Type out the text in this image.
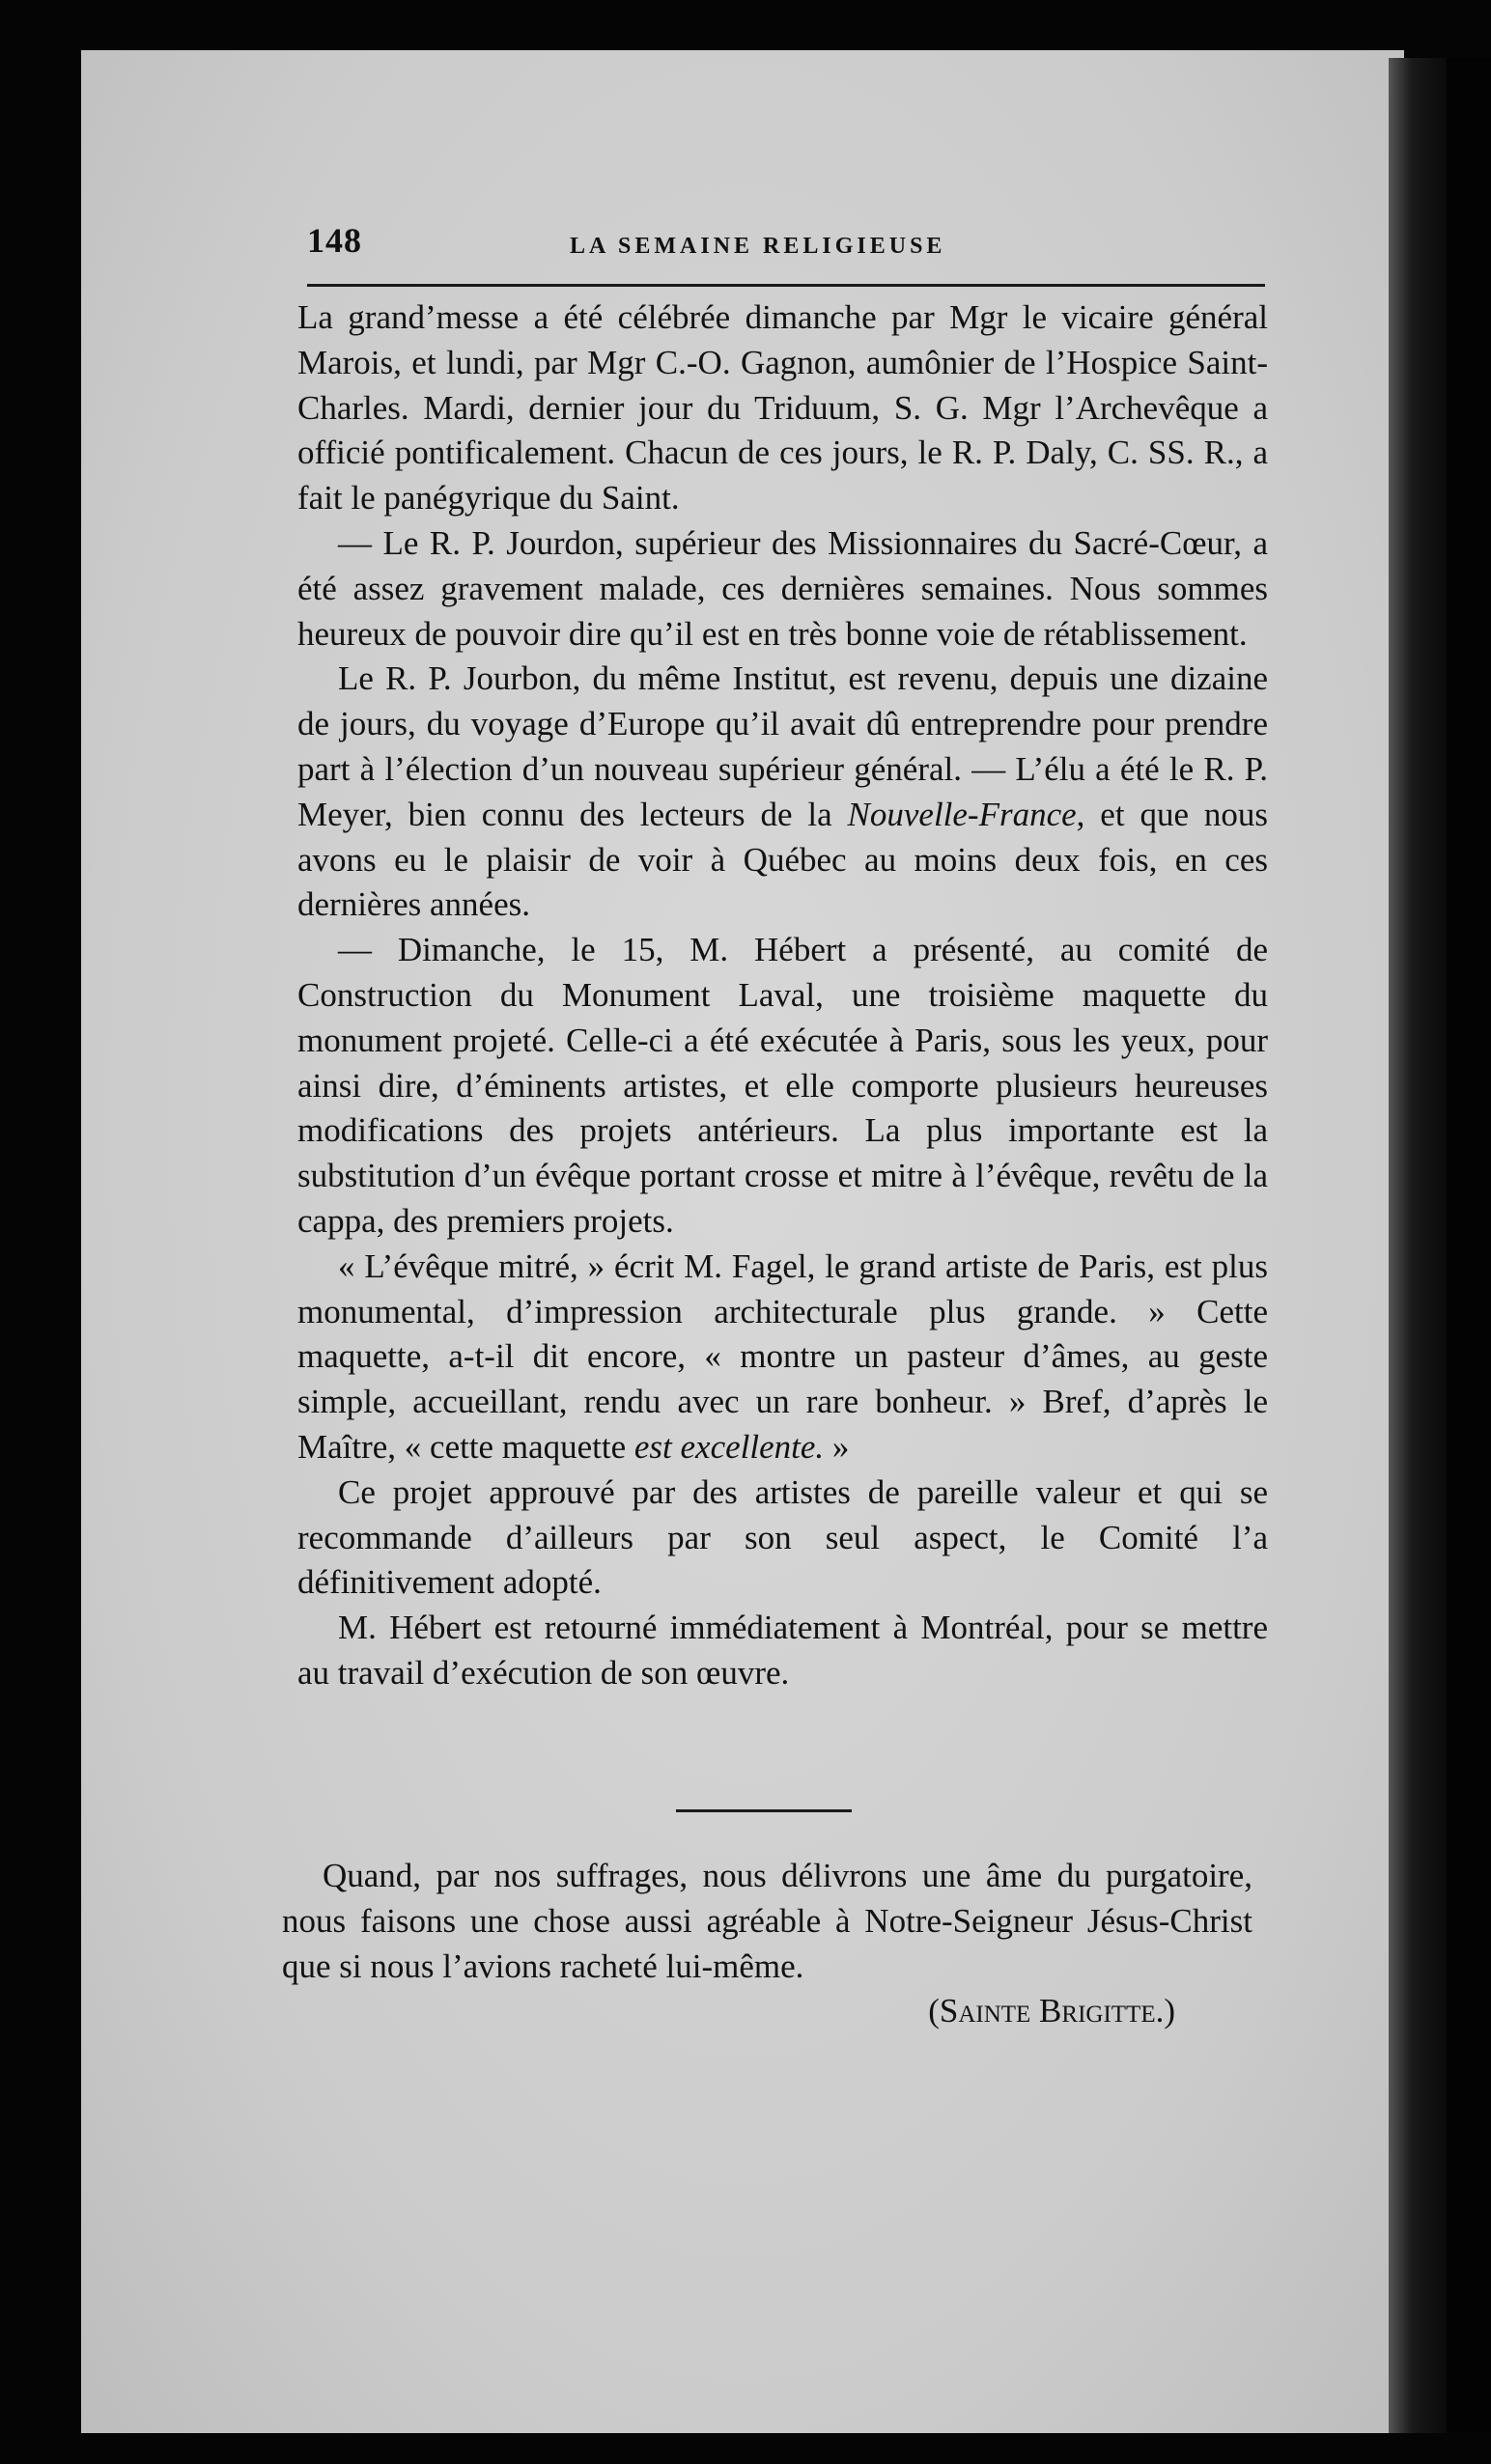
148	LA SEMAINE RELIGIEUSE

La grand’messe a été célébrée dimanche par Mgr le vicaire général Marois, et lundi, par Mgr C.-O. Gagnon, aumônier de l’Hospice Saint-Charles. Mardi, dernier jour du Triduum, S. G. Mgr l’Archevêque a officié pontificalement. Chacun de ces jours, le R. P. Daly, C. SS. R., a fait le panégyrique du Saint.

— Le R. P. Jourdon, supérieur des Missionnaires du Sacré-Cœur, a été assez gravement malade, ces dernières semaines. Nous sommes heureux de pouvoir dire qu’il est en très bonne voie de rétablissement.

Le R. P. Jourbon, du même Institut, est revenu, depuis une dizaine de jours, du voyage d’Europe qu’il avait dû entreprendre pour prendre part à l’élection d’un nouveau supérieur général. — L’élu a été le R. P. Meyer, bien connu des lecteurs de la Nouvelle-France, et que nous avons eu le plaisir de voir à Québec au moins deux fois, en ces dernières années.

— Dimanche, le 15, M. Hébert a présenté, au comité de Construction du Monument Laval, une troisième maquette du monument projeté. Celle-ci a été exécutée à Paris, sous les yeux, pour ainsi dire, d’éminents artistes, et elle comporte plusieurs heureuses modifications des projets antérieurs. La plus importante est la substitution d’un évêque portant crosse et mitre à l’évêque, revêtu de la cappa, des premiers projets.

« L’évêque mitré, » écrit M. Fagel, le grand artiste de Paris, est plus monumental, d’impression architecturale plus grande. » Cette maquette, a-t-il dit encore, « montre un pasteur d’âmes, au geste simple, accueillant, rendu avec un rare bonheur. » Bref, d’après le Maître, « cette maquette est excellente. »

Ce projet approuvé par des artistes de pareille valeur et qui se recommande d’ailleurs par son seul aspect, le Comité l’a définitivement adopté.

M. Hébert est retourné immédiatement à Montréal, pour se mettre au travail d’exécution de son œuvre.

Quand, par nos suffrages, nous délivrons une âme du purgatoire, nous faisons une chose aussi agréable à Notre-Seigneur Jésus-Christ que si nous l’avions racheté lui-même.

(Sainte Brigitte.)
